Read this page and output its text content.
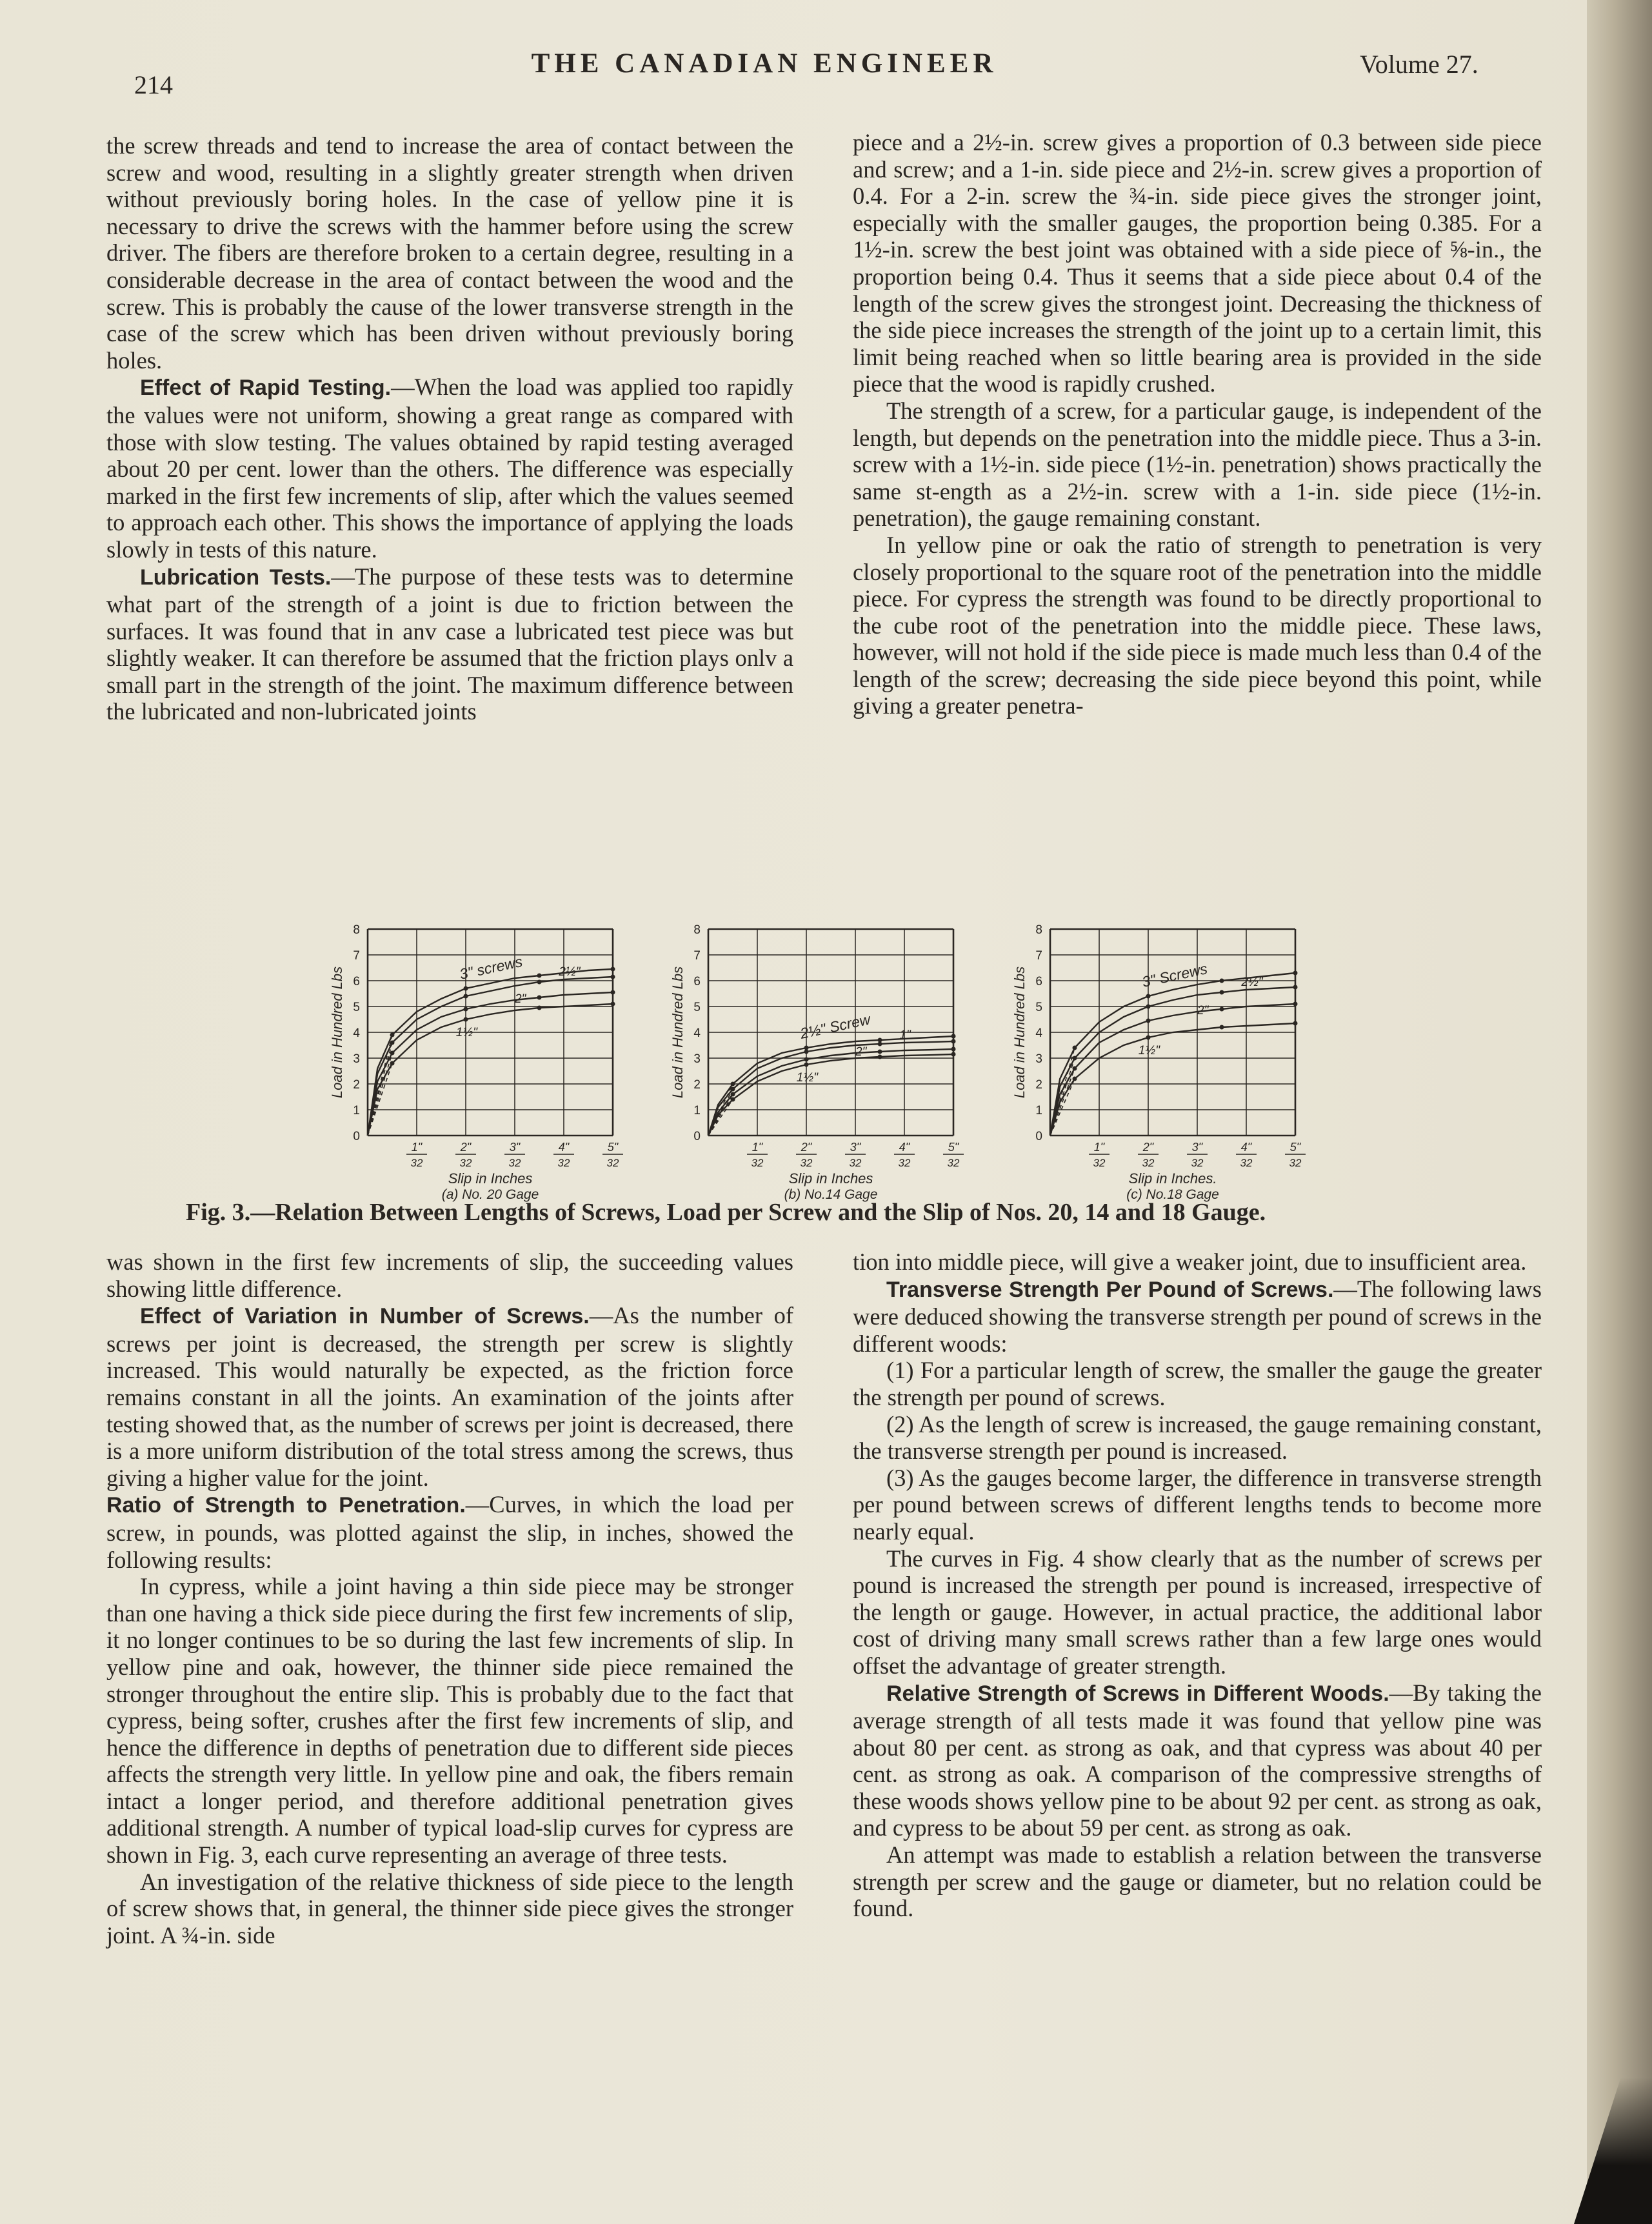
214
THE CANADIAN ENGINEER	Volume 27.

the screw threads and tend to increase the area of contact between the screw and wood, resulting in a slightly greater strength when driven without previously boring holes. In the case of yellow pine it is necessary to drive the screws with the hammer before using the screw driver. The fibers are therefore broken to a certain degree, resulting in a considerable decrease in the area of contact between the wood and the screw. This is probably the cause of the lower transverse strength in the case of the screw which has been driven without previously boring holes.

Effect of Rapid Testing.—When the load was applied too rapidly the values were not uniform, showing a great range as compared with those with slow testing. The values obtained by rapid testing averaged about 20 per cent. lower than the others. The difference was especially marked in the first few increments of slip, after which the values seemed to approach each other. This shows the importance of applying the loads slowly in tests of this nature.

Lubrication Tests.—The purpose of these tests was to determine what part of the strength of a joint is due to friction between the surfaces. It was found that in anv case a lubricated test piece was but slightly weaker. It can therefore be assumed that the friction plays onlv a small part in the strength of the joint. The maximum difference between the lubricated and non-lubricated joints

piece and a 2½-in. screw gives a proportion of 0.3 between side piece and screw; and a 1-in. side piece and 2½-in. screw gives a proportion of 0.4. For a 2-in. screw the ¾-in. side piece gives the stronger joint, especially with the smaller gauges, the proportion being 0.385. For a 1½-in. screw the best joint was obtained with a side piece of ⅝-in., the proportion being 0.4. Thus it seems that a side piece about 0.4 of the length of the screw gives the strongest joint. Decreasing the thickness of the side piece increases the strength of the joint up to a certain limit, this limit being reached when so little bearing area is provided in the side piece that the wood is rapidly crushed.

The strength of a screw, for a particular gauge, is independent of the length, but depends on the penetration into the middle piece. Thus a 3-in. screw with a 1½-in. side piece (1½-in. penetration) shows practically the same st-ength as a 2½-in. screw with a 1-in. side piece (1½-in. penetration), the gauge remaining constant.

In yellow pine or oak the ratio of strength to penetration is very closely proportional to the square root of the penetration into the middle piece. For cypress the strength was found to be directly proportional to the cube root of the penetration into the middle piece. These laws, however, will not hold if the side piece is made much less than 0.4 of the length of the screw; decreasing the side piece beyond this point, while giving a greater penetra-

0
1
2
3
4
5
6
7
8
Load in Hundred Lbs
1"
32
2"
32
3"
32
4"
32
5"
32
Slip in Inches
(a) No. 20 Gage
3" screws	2½"
2"
1½"
0
1
2
3
4
5
6
7
8
Load in Hundred Lbs
1"
32
2"
32
3"
32
4"
32
5"
32
Slip in Inches
(b) No.14 Gage
2½" Screw 1"
2"
1½"
0
1
2
3
4
5
6
7
8
Load in Hundred Lbs
1"
32
2"
32
3"
32
4"
32
5"
32
Slip in Inches.
(c) No.18 Gage
3" Screws	2½"
2"
1½"
Fig. 3.—Relation Between Lengths of Screws, Load per Screw and the Slip of Nos. 20, 14 and 18 Gauge.

was shown in the first few increments of slip, the succeeding values showing little difference.

Effect of Variation in Number of Screws.—As the number of screws per joint is decreased, the strength per screw is slightly increased. This would naturally be expected, as the friction force remains constant in all the joints. An examination of the joints after testing showed that, as the number of screws per joint is decreased, there is a more uniform distribution of the total stress among the screws, thus giving a higher value for the joint.

Ratio of Strength to Penetration.—Curves, in which the load per screw, in pounds, was plotted against the slip, in inches, showed the following results:

In cypress, while a joint having a thin side piece may be stronger than one having a thick side piece during the first few increments of slip, it no longer continues to be so during the last few increments of slip. In yellow pine and oak, however, the thinner side piece remained the stronger throughout the entire slip. This is probably due to the fact that cypress, being softer, crushes after the first few increments of slip, and hence the difference in depths of penetration due to different side pieces affects the strength very little. In yellow pine and oak, the fibers remain intact a longer period, and therefore additional penetration gives additional strength. A number of typical load-slip curves for cypress are shown in Fig. 3, each curve representing an average of three tests.

An investigation of the relative thickness of side piece to the length of screw shows that, in general, the thinner side piece gives the stronger joint. A ¾-in. side

tion into middle piece, will give a weaker joint, due to insufficient area.

Transverse Strength Per Pound of Screws.—The following laws were deduced showing the transverse strength per pound of screws in the different woods:

(1) For a particular length of screw, the smaller the gauge the greater the strength per pound of screws.

(2) As the length of screw is increased, the gauge remaining constant, the transverse strength per pound is increased.

(3) As the gauges become larger, the difference in transverse strength per pound between screws of different lengths tends to become more nearly equal.

The curves in Fig. 4 show clearly that as the number of screws per pound is increased the strength per pound is increased, irrespective of the length or gauge. However, in actual practice, the additional labor cost of driving many small screws rather than a few large ones would offset the advantage of greater strength.

Relative Strength of Screws in Different Woods.—By taking the average strength of all tests made it was found that yellow pine was about 80 per cent. as strong as oak, and that cypress was about 40 per cent. as strong as oak. A comparison of the compressive strengths of these woods shows yellow pine to be about 92 per cent. as strong as oak, and cypress to be about 59 per cent. as strong as oak.

An attempt was made to establish a relation between the transverse strength per screw and the gauge or diameter, but no relation could be found.
